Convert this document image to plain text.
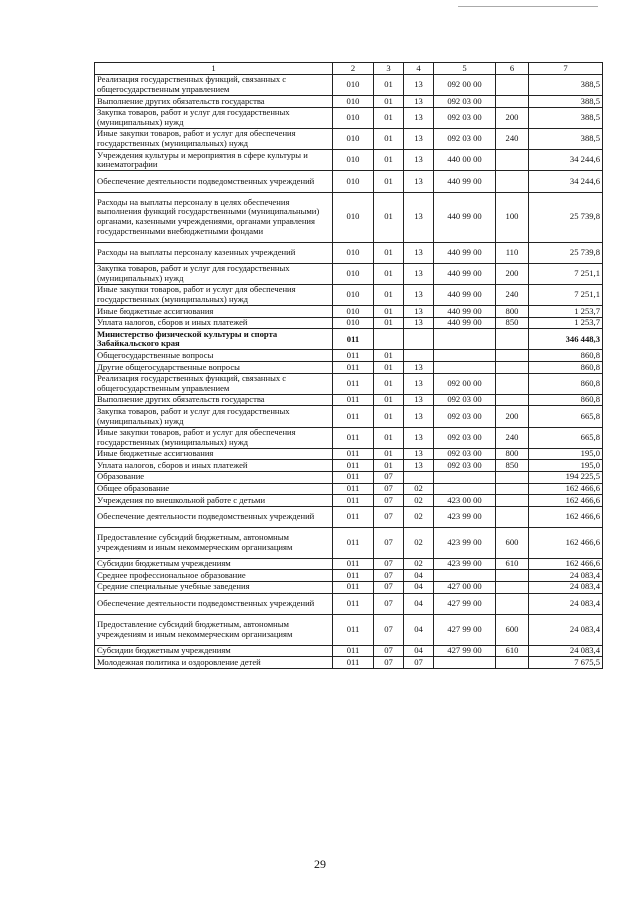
1	2	3	4	5	6	7
Реализация государственных функций, связанных с общегосударственным управлением	010	01	13	092 00 00		388,5
Выполнение других обязательств государства	010	01	13	092 03 00		388,5
Закупка товаров, работ и услуг для государственных (муниципальных) нужд	010	01	13	092 03 00	200	388,5
Иные закупки товаров, работ и услуг для обеспечения государственных (муниципальных) нужд	010	01	13	092 03 00	240	388,5
Учреждения культуры и мероприятия в сфере культуры и кинематографии	010	01	13	440 00 00		34 244,6
Обеспечение деятельности подведомственных учреждений	010	01	13	440 99 00		34 244,6
Расходы на выплаты персоналу в целях обеспечения выполнения функций государственными (муниципальными) органами, казенными учреждениями, органами управления государственными внебюджетными фондами	010	01	13	440 99 00	100	25 739,8
Расходы на выплаты персоналу казенных учреждений	010	01	13	440 99 00	110	25 739,8
Закупка товаров, работ и услуг для государственных (муниципальных) нужд	010	01	13	440 99 00	200	7 251,1
Иные закупки товаров, работ и услуг для обеспечения государственных (муниципальных) нужд	010	01	13	440 99 00	240	7 251,1
Иные бюджетные ассигнования	010	01	13	440 99 00	800	1 253,7
Уплата налогов, сборов и иных платежей	010	01	13	440 99 00	850	1 253,7
Министерство физической культуры и спорта Забайкальского края	011					346 448,3
Общегосударственные вопросы	011	01				860,8
Другие общегосударственные вопросы	011	01	13			860,8
Реализация государственных функций, связанных с общегосударственным управлением	011	01	13	092 00 00		860,8
Выполнение других обязательств государства	011	01	13	092 03 00		860,8
Закупка товаров, работ и услуг для государственных (муниципальных) нужд	011	01	13	092 03 00	200	665,8
Иные закупки товаров, работ и услуг для обеспечения государственных (муниципальных) нужд	011	01	13	092 03 00	240	665,8
Иные бюджетные ассигнования	011	01	13	092 03 00	800	195,0
Уплата налогов, сборов и иных платежей	011	01	13	092 03 00	850	195,0
Образование	011	07				194 225,5
Общее образование	011	07	02			162 466,6
Учреждения по внешкольной работе с детьми	011	07	02	423 00 00		162 466,6
Обеспечение деятельности подведомственных учреждений	011	07	02	423 99 00		162 466,6
Предоставление субсидий бюджетным, автономным учреждениям и иным некоммерческим организациям	011	07	02	423 99 00	600	162 466,6
Субсидии бюджетным учреждениям	011	07	02	423 99 00	610	162 466,6
Среднее профессиональное образование	011	07	04			24 083,4
Средние специальные учебные заведения	011	07	04	427 00 00		24 083,4
Обеспечение деятельности подведомственных учреждений	011	07	04	427 99 00		24 083,4
Предоставление субсидий бюджетным, автономным учреждениям и иным некоммерческим организациям	011	07	04	427 99 00	600	24 083,4
Субсидии бюджетным учреждениям	011	07	04	427 99 00	610	24 083,4
Молодежная политика и оздоровление детей	011	07	07			7 675,5
29
